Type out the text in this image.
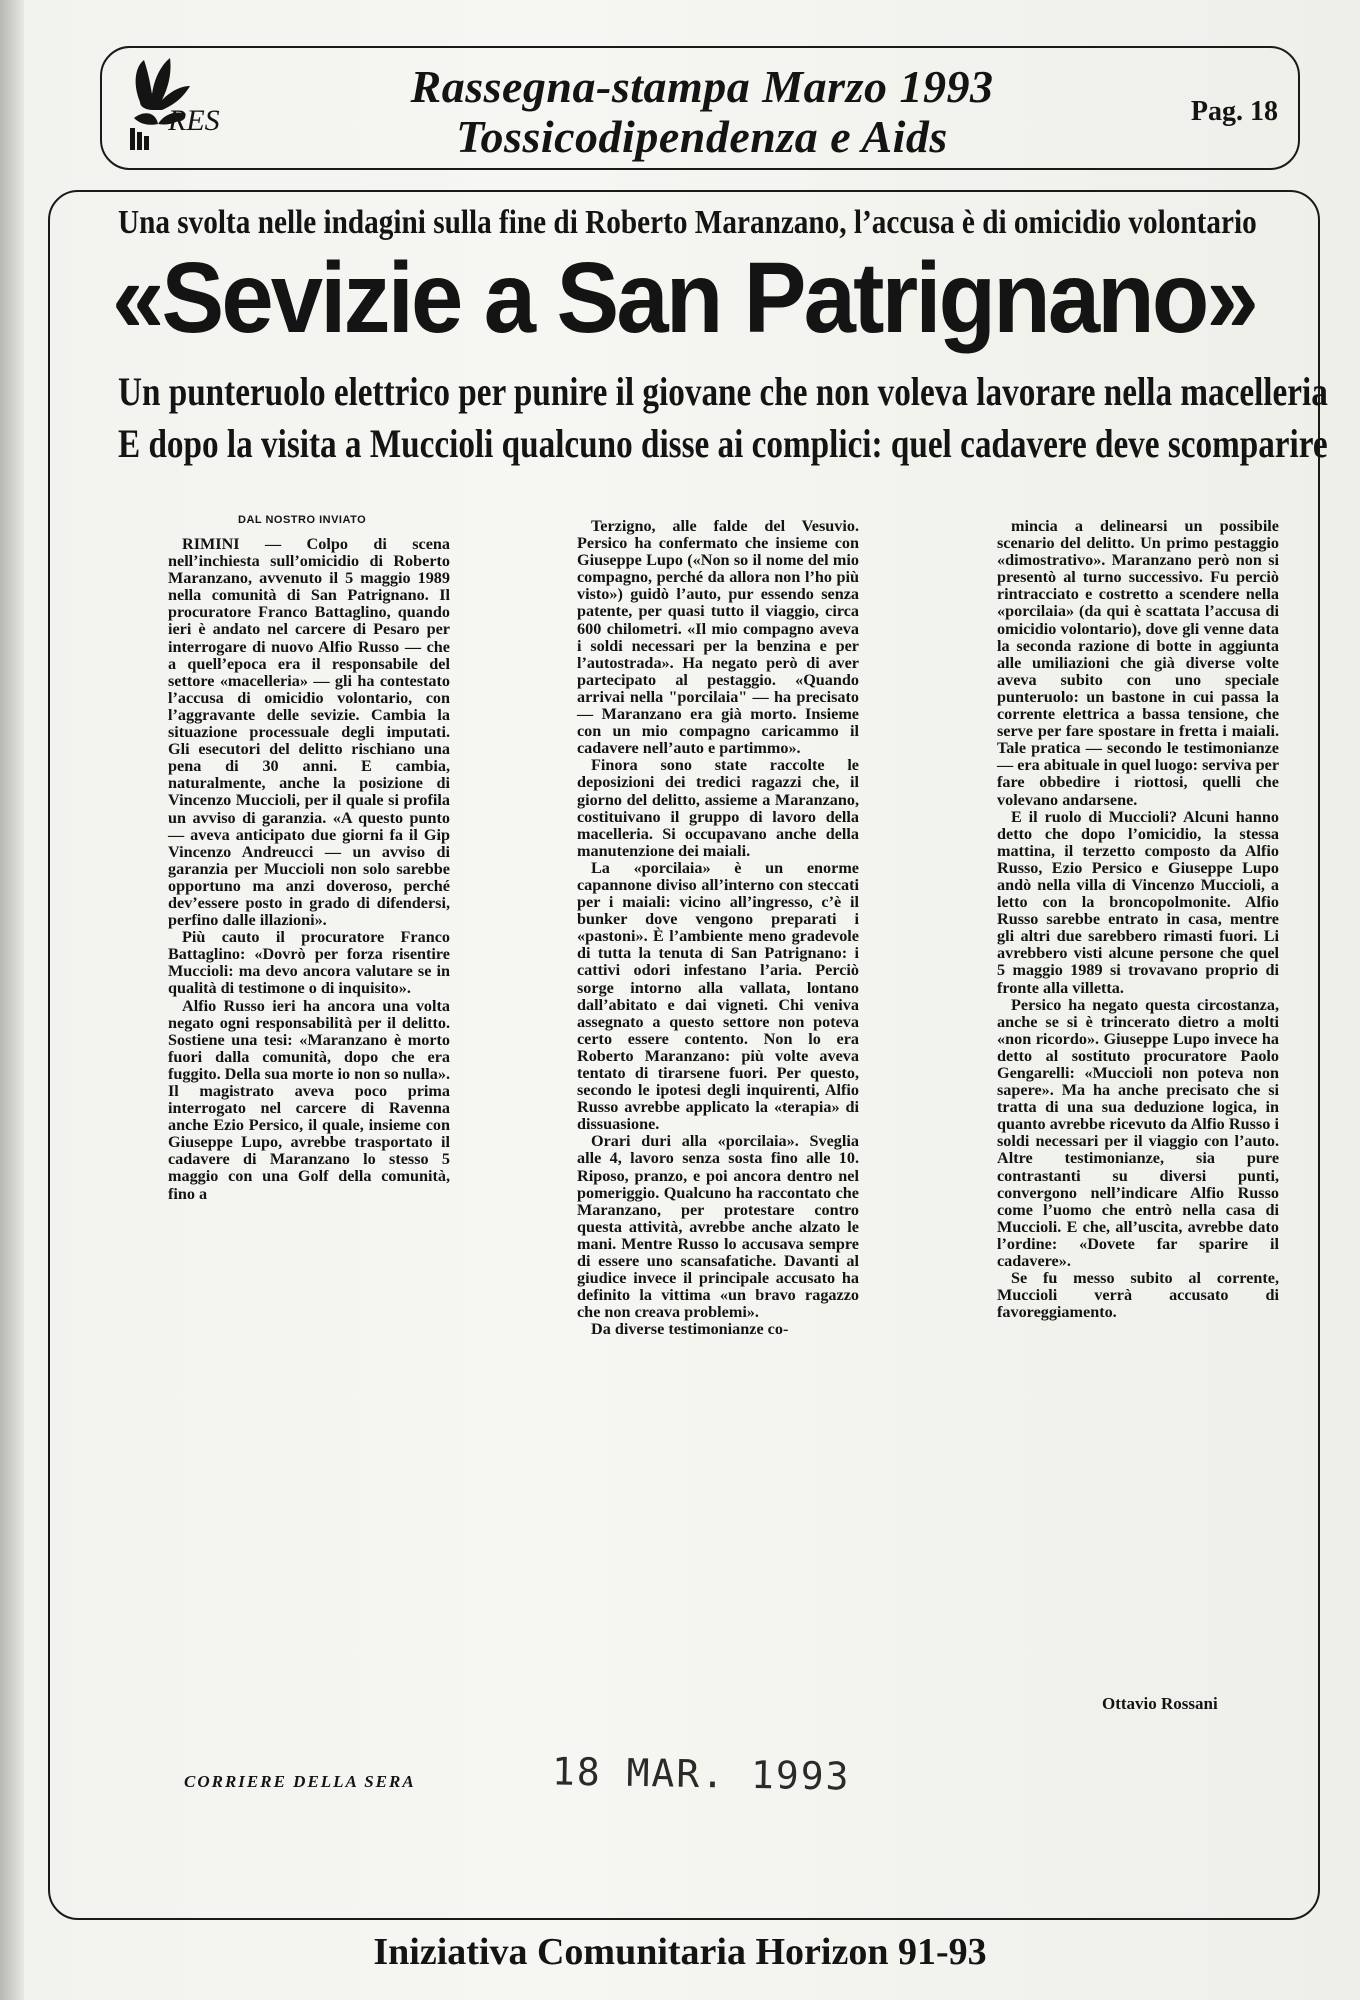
RES
Rassegna-stampa Marzo 1993
Tossicodipendenza e Aids	Pag. 18
Una svolta nelle indagini sulla fine di Roberto Maranzano, l’accusa è di omicidio volontario
«Sevizie a San Patrignano»
Un punteruolo elettrico per punire il giovane che non voleva lavorare nella macelleria
E dopo la visita a Muccioli qualcuno disse ai complici: quel cadavere deve scomparire
DAL NOSTRO INVIATO

RIMINI — Colpo di scena nell’inchiesta sull’omicidio di Roberto Maranzano, avvenuto il 5 maggio 1989 nella comunità di San Patrignano. Il procuratore Franco Battaglino, quando ieri è andato nel carcere di Pesaro per interrogare di nuovo Alfio Russo — che a quell’epoca era il responsabile del settore «macelleria» — gli ha contestato l’accusa di omicidio volontario, con l’aggravante delle sevizie. Cambia la situazione processuale degli imputati. Gli esecutori del delitto rischiano una pena di 30 anni. E cambia, naturalmente, anche la posizione di Vincenzo Muccioli, per il quale si profila un avviso di garanzia. «A questo punto — aveva anticipato due giorni fa il Gip Vincenzo Andreucci — un avviso di garanzia per Muccioli non solo sarebbe opportuno ma anzi doveroso, perché dev’essere posto in grado di difendersi, perfino dalle illazioni».

Più cauto il procuratore Franco Battaglino: «Dovrò per forza risentire Muccioli: ma devo ancora valutare se in qualità di testimone o di inquisito».

Alfio Russo ieri ha ancora una volta negato ogni responsabilità per il delitto. Sostiene una tesi: «Maranzano è morto fuori dalla comunità, dopo che era fuggito. Della sua morte io non so nulla». Il magistrato aveva poco prima interrogato nel carcere di Ravenna anche Ezio Persico, il quale, insieme con Giuseppe Lupo, avrebbe trasportato il cadavere di Maranzano lo stesso 5 maggio con una Golf della comunità, fino a

Terzigno, alle falde del Vesuvio. Persico ha confermato che insieme con Giuseppe Lupo («Non so il nome del mio compagno, perché da allora non l’ho più visto») guidò l’auto, pur essendo senza patente, per quasi tutto il viaggio, circa 600 chilometri. «Il mio compagno aveva i soldi necessari per la benzina e per l’autostrada». Ha negato però di aver partecipato al pestaggio. «Quando arrivai nella "porcilaia" — ha precisato — Maranzano era già morto. Insieme con un mio compagno caricammo il cadavere nell’auto e partimmo».

Finora sono state raccolte le deposizioni dei tredici ragazzi che, il giorno del delitto, assieme a Maranzano, costituivano il gruppo di lavoro della macelleria. Si occupavano anche della manutenzione dei maiali.

La «porcilaia» è un enorme capannone diviso all’interno con steccati per i maiali: vicino all’ingresso, c’è il bunker dove vengono preparati i «pastoni». È l’ambiente meno gradevole di tutta la tenuta di San Patrignano: i cattivi odori infestano l’aria. Perciò sorge intorno alla vallata, lontano dall’abitato e dai vigneti. Chi veniva assegnato a questo settore non poteva certo essere contento. Non lo era Roberto Maranzano: più volte aveva tentato di tirarsene fuori. Per questo, secondo le ipotesi degli inquirenti, Alfio Russo avrebbe applicato la «terapia» di dissuasione.

Orari duri alla «porcilaia». Sveglia alle 4, lavoro senza sosta fino alle 10. Riposo, pranzo, e poi ancora dentro nel pomeriggio. Qualcuno ha raccontato che Maranzano, per protestare contro questa attività, avrebbe anche alzato le mani. Mentre Russo lo accusava sempre di essere uno scansafatiche. Davanti al giudice invece il principale accusato ha definito la vittima «un bravo ragazzo che non creava problemi».

Da diverse testimonianze co-

mincia a delinearsi un possibile scenario del delitto. Un primo pestaggio «dimostrativo». Maranzano però non si presentò al turno successivo. Fu perciò rintracciato e costretto a scendere nella «porcilaia» (da qui è scattata l’accusa di omicidio volontario), dove gli venne data la seconda razione di botte in aggiunta alle umiliazioni che già diverse volte aveva subito con uno speciale punteruolo: un bastone in cui passa la corrente elettrica a bassa tensione, che serve per fare spostare in fretta i maiali. Tale pratica — secondo le testimonianze — era abituale in quel luogo: serviva per fare obbedire i riottosi, quelli che volevano andarsene.

E il ruolo di Muccioli? Alcuni hanno detto che dopo l’omicidio, la stessa mattina, il terzetto composto da Alfio Russo, Ezio Persico e Giuseppe Lupo andò nella villa di Vincenzo Muccioli, a letto con la broncopolmonite. Alfio Russo sarebbe entrato in casa, mentre gli altri due sarebbero rimasti fuori. Li avrebbero visti alcune persone che quel 5 maggio 1989 si trovavano proprio di fronte alla villetta.

Persico ha negato questa circostanza, anche se si è trincerato dietro a molti «non ricordo». Giuseppe Lupo invece ha detto al sostituto procuratore Paolo Gengarelli: «Muccioli non poteva non sapere». Ma ha anche precisato che si tratta di una sua deduzione logica, in quanto avrebbe ricevuto da Alfio Russo i soldi necessari per il viaggio con l’auto. Altre testimonianze, sia pure contrastanti su diversi punti, convergono nell’indicare Alfio Russo come l’uomo che entrò nella casa di Muccioli. E che, all’uscita, avrebbe dato l’ordine: «Dovete far sparire il cadavere».

Se fu messo subito al corrente, Muccioli verrà accusato di favoreggiamento.

Ottavio Rossani
CORRIERE DELLA SERA	18 MAR. 1993
Iniziativa Comunitaria Horizon 91-93
